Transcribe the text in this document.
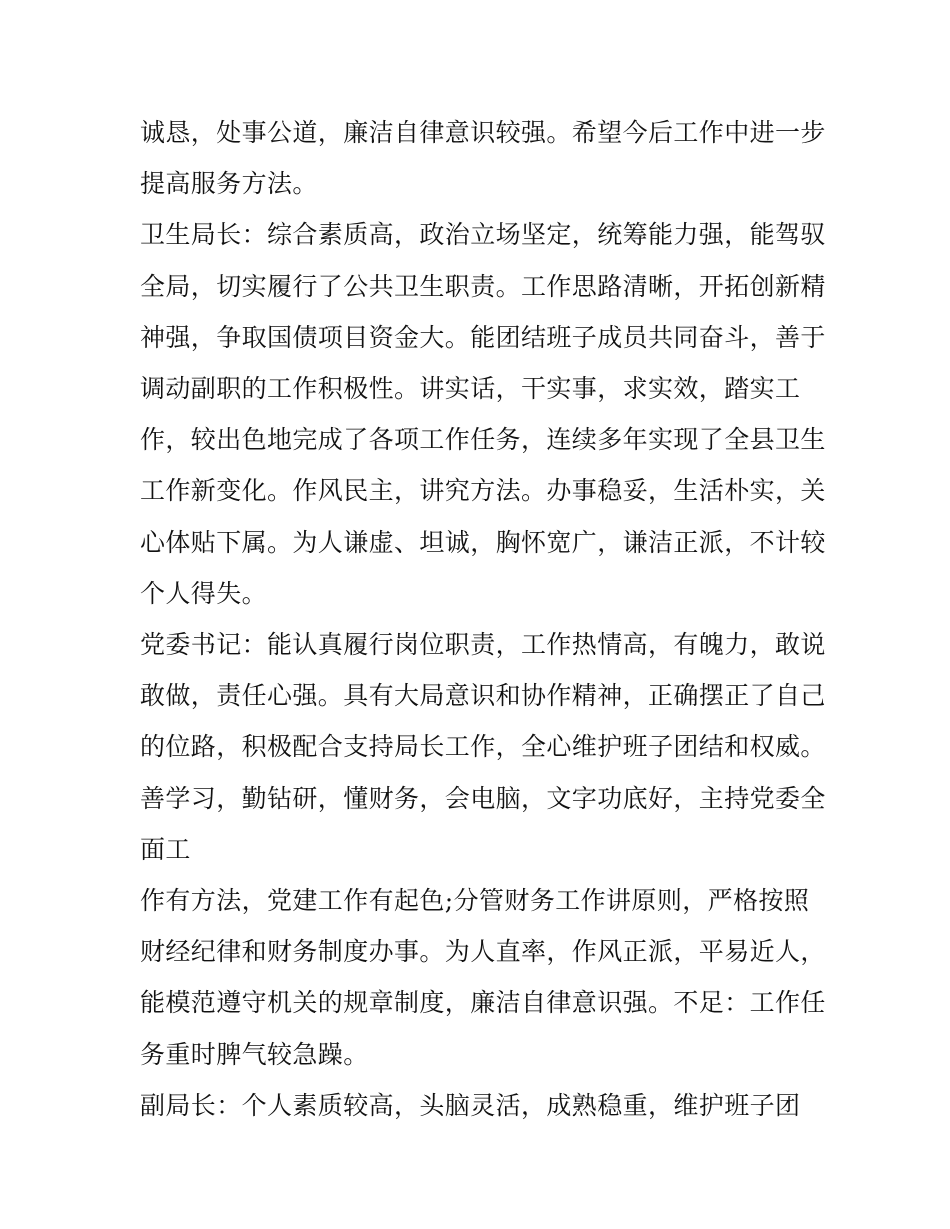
诚恳，处事公道，廉洁自律意识较强。希望今后工作中进一步
提高服务方法。
卫生局长：综合素质高，政治立场坚定，统筹能力强，能驾驭
全局，切实履行了公共卫生职责。工作思路清晰，开拓创新精
神强，争取国债项目资金大。能团结班子成员共同奋斗，善于
调动副职的工作积极性。讲实话，干实事，求实效，踏实工
作，较出色地完成了各项工作任务，连续多年实现了全县卫生
工作新变化。作风民主，讲究方法。办事稳妥，生活朴实，关
心体贴下属。为人谦虚、坦诚，胸怀宽广，谦洁正派，不计较
个人得失。
党委书记：能认真履行岗位职责，工作热情高，有魄力，敢说
敢做，责任心强。具有大局意识和协作精神，正确摆正了自己
的位路，积极配合支持局长工作，全心维护班子团结和权威。
善学习，勤钻研，懂财务，会电脑，文字功底好，主持党委全
面工
作有方法，党建工作有起色;分管财务工作讲原则，严格按照
财经纪律和财务制度办事。为人直率，作风正派，平易近人，
能模范遵守机关的规章制度，廉洁自律意识强。不足：工作任
务重时脾气较急躁。
副局长：个人素质较高，头脑灵活，成熟稳重，维护班子团
